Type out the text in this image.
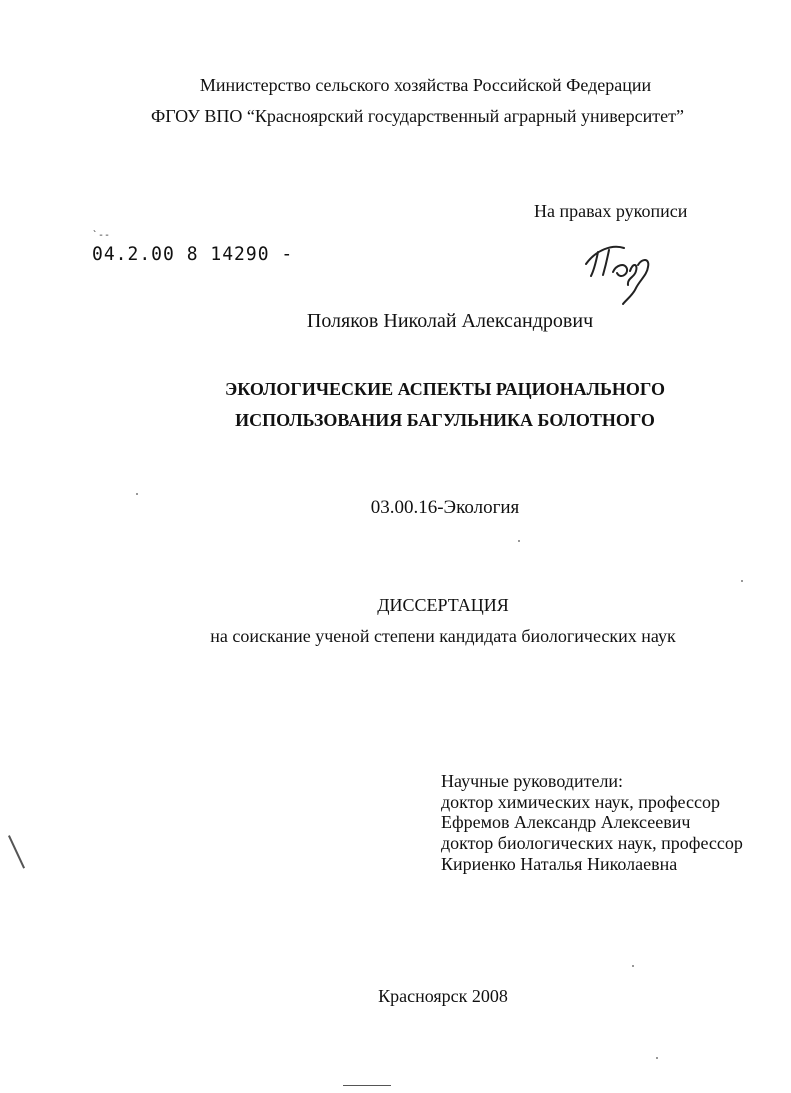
Министерство сельского хозяйства Российской Федерации
ФГОУ ВПО “Красноярский государственный аграрный университет”
На правах рукописи
`--
04.2.00 8 14290 -
Поляков Николай Александрович
ЭКОЛОГИЧЕСКИЕ АСПЕКТЫ РАЦИОНАЛЬНОГО
ИСПОЛЬЗОВАНИЯ БАГУЛЬНИКА БОЛОТНОГО
03.00.16-Экология
ДИССЕРТАЦИЯ
на соискание ученой степени кандидата биологических наук
Научные руководители:
доктор химических наук, профессор
Ефремов Александр Алексеевич
доктор биологических наук, профессор
Кириенко Наталья Николаевна
Красноярск 2008
